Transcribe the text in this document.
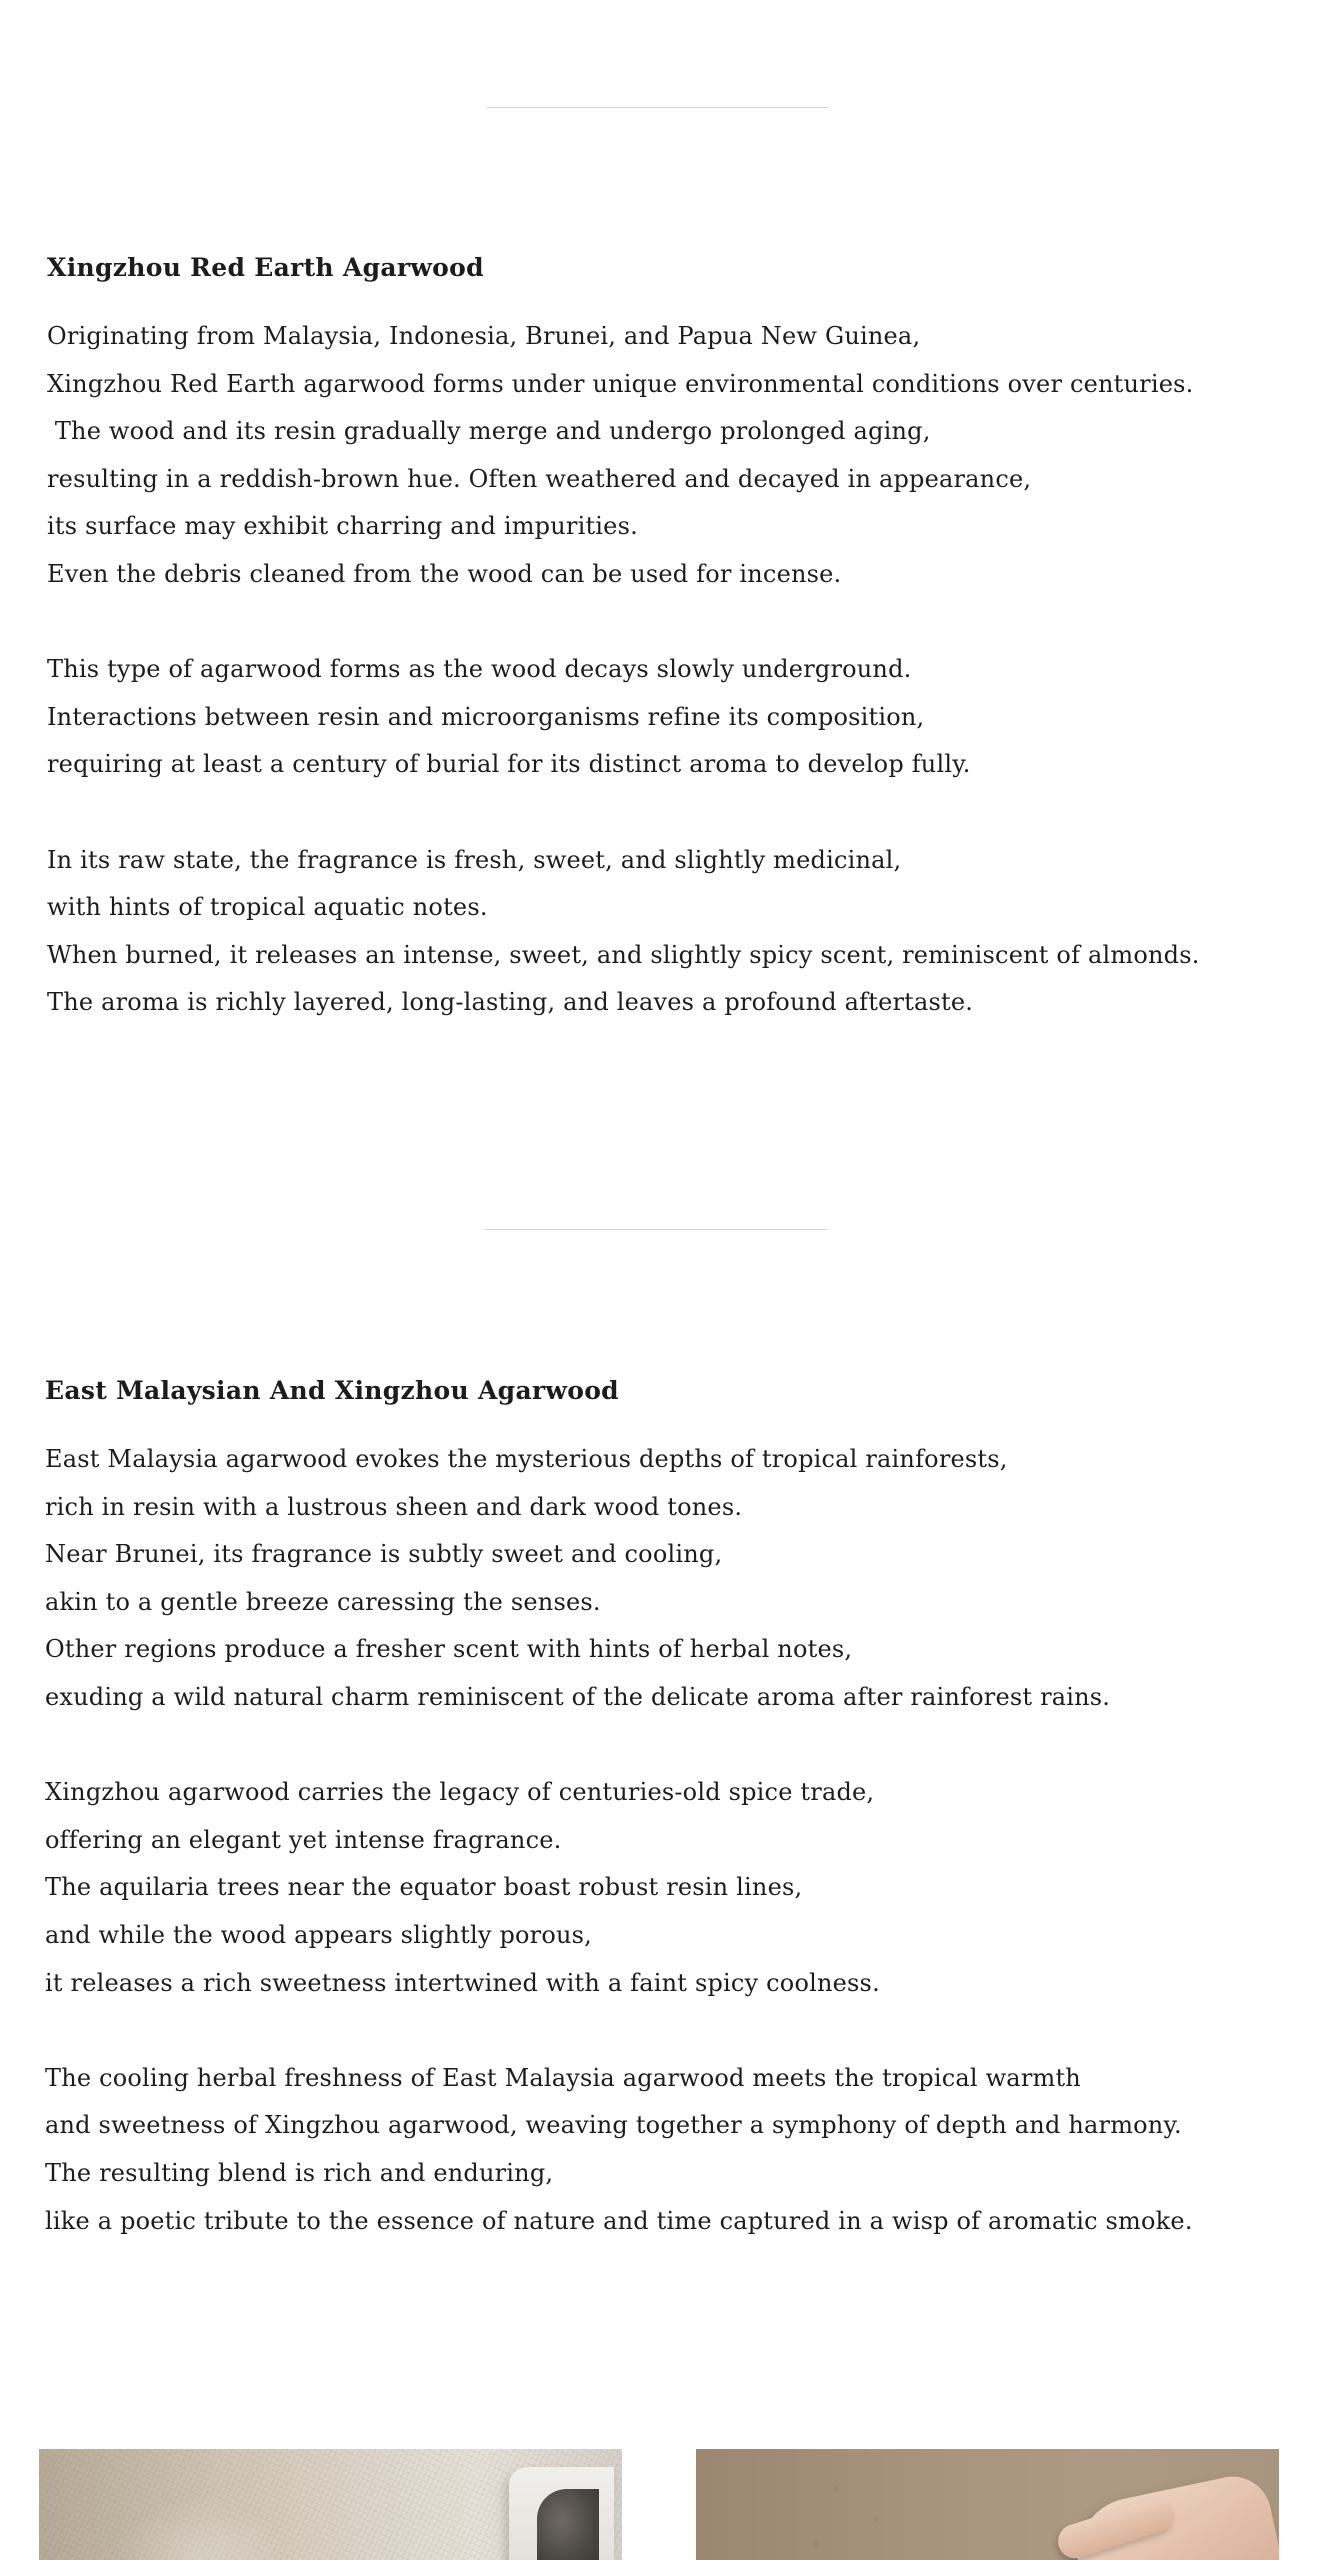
Xingzhou Red Earth Agarwood
Originating from Malaysia, Indonesia, Brunei, and Papua New Guinea,
Xingzhou Red Earth agarwood forms under unique environmental conditions over centuries.
The wood and its resin gradually merge and undergo prolonged aging,
resulting in a reddish-brown hue. Often weathered and decayed in appearance,
its surface may exhibit charring and impurities.
Even the debris cleaned from the wood can be used for incense.
This type of agarwood forms as the wood decays slowly underground.
Interactions between resin and microorganisms refine its composition,
requiring at least a century of burial for its distinct aroma to develop fully.
In its raw state, the fragrance is fresh, sweet, and slightly medicinal,
with hints of tropical aquatic notes.
When burned, it releases an intense, sweet, and slightly spicy scent, reminiscent of almonds.
The aroma is richly layered, long-lasting, and leaves a profound aftertaste.
East Malaysian And Xingzhou Agarwood
East Malaysia agarwood evokes the mysterious depths of tropical rainforests,
rich in resin with a lustrous sheen and dark wood tones.
Near Brunei, its fragrance is subtly sweet and cooling,
akin to a gentle breeze caressing the senses.
Other regions produce a fresher scent with hints of herbal notes,
exuding a wild natural charm reminiscent of the delicate aroma after rainforest rains.
Xingzhou agarwood carries the legacy of centuries-old spice trade,
offering an elegant yet intense fragrance.
The aquilaria trees near the equator boast robust resin lines,
and while the wood appears slightly porous,
it releases a rich sweetness intertwined with a faint spicy coolness.
The cooling herbal freshness of East Malaysia agarwood meets the tropical warmth
and sweetness of Xingzhou agarwood, weaving together a symphony of depth and harmony.
The resulting blend is rich and enduring,
like a poetic tribute to the essence of nature and time captured in a wisp of aromatic smoke.
